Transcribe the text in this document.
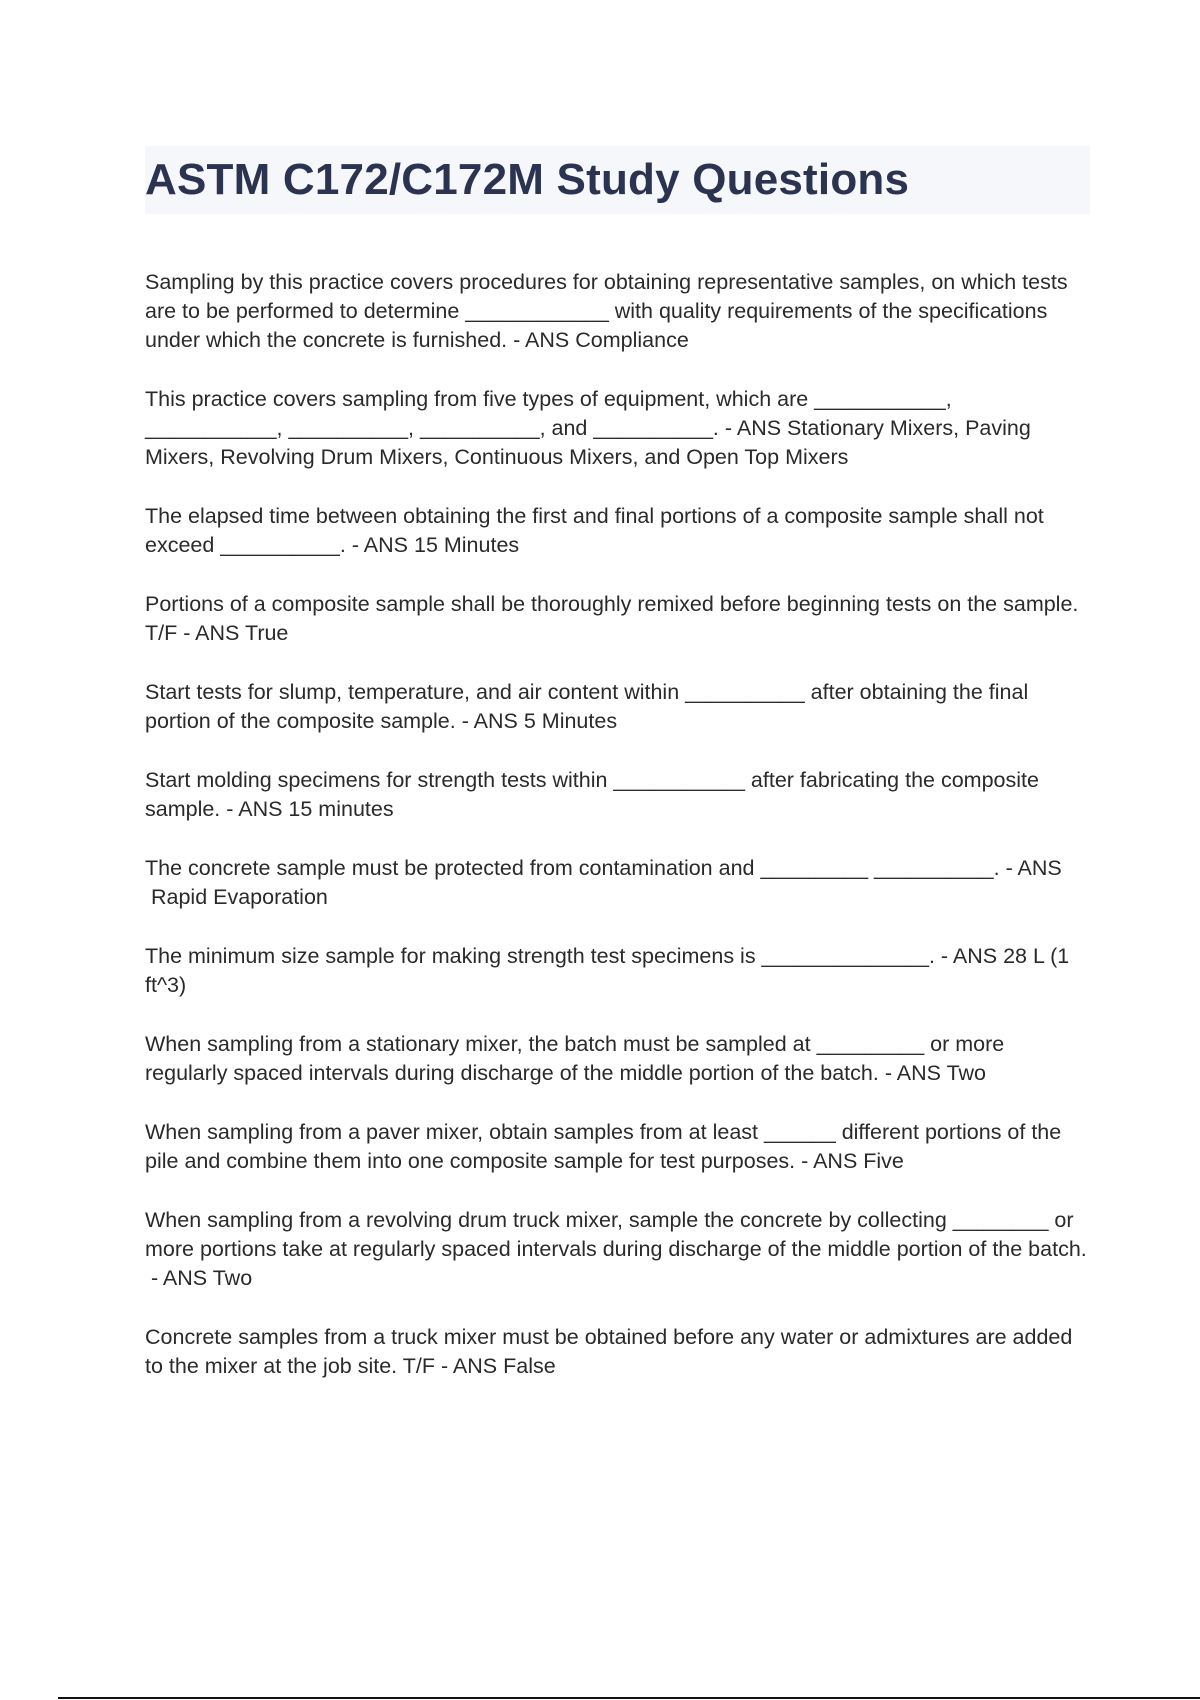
ASTM C172/C172M Study Questions
Sampling by this practice covers procedures for obtaining representative samples, on which tests are to be performed to determine ____________ with quality requirements of the specifications under which the concrete is furnished. - ANS Compliance
This practice covers sampling from five types of equipment, which are ___________, ___________, __________, __________, and __________. - ANS Stationary Mixers, Paving Mixers, Revolving Drum Mixers, Continuous Mixers, and Open Top Mixers
The elapsed time between obtaining the first and final portions of a composite sample shall not exceed __________. - ANS 15 Minutes
Portions of a composite sample shall be thoroughly remixed before beginning tests on the sample. T/F - ANS True
Start tests for slump, temperature, and air content within __________ after obtaining the final portion of the composite sample. - ANS 5 Minutes
Start molding specimens for strength tests within ___________ after fabricating the composite sample. - ANS 15 minutes
The concrete sample must be protected from contamination and _________ __________. - ANS Rapid Evaporation
The minimum size sample for making strength test specimens is ______________. - ANS 28 L (1 ft^3)
When sampling from a stationary mixer, the batch must be sampled at _________ or more regularly spaced intervals during discharge of the middle portion of the batch. - ANS Two
When sampling from a paver mixer, obtain samples from at least ______ different portions of the pile and combine them into one composite sample for test purposes. - ANS Five
When sampling from a revolving drum truck mixer, sample the concrete by collecting ________ or more portions take at regularly spaced intervals during discharge of the middle portion of the batch. - ANS Two
Concrete samples from a truck mixer must be obtained before any water or admixtures are added to the mixer at the job site. T/F - ANS False
